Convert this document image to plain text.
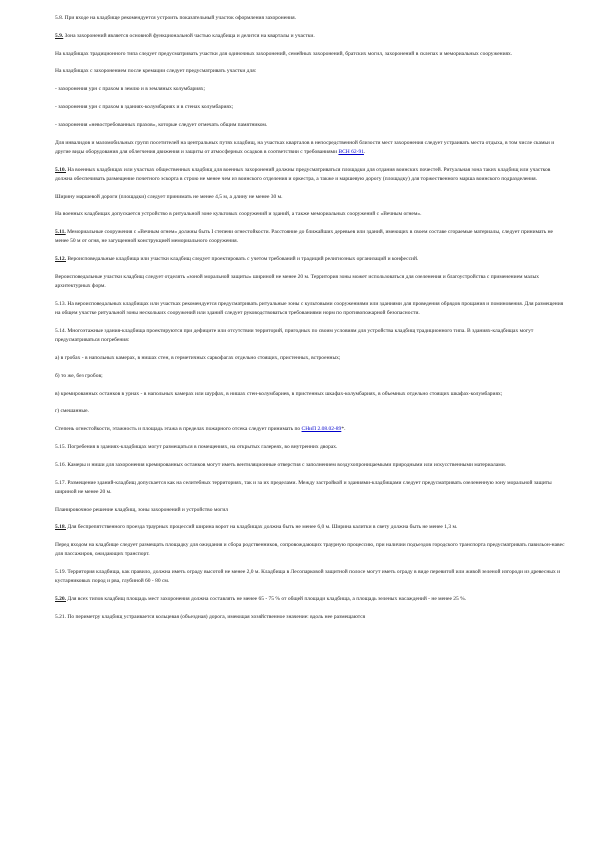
5.8. При входе на кладбище рекомендуется устроить показательный участок оформления захоронения.

5.9. Зона захоронений является основной функциональной частью кладбища и делится на кварталы и участки.

На кладбищах традиционного типа следует предусматривать участки для одиночных захоронений, семейных захоронений, братских могил, захоронений в склепах и мемориальных сооружениях.

На кладбищах с захоронением после кремации следует предусматривать участки для:

- захоронения урн с прахом в землю и в земляных колумбариях;

- захоронения урн с прахом в зданиях-колумбариях и в стенах колумбариях;

- захоронения «невостребованных прахов», которые следует отмечать общим памятником.

Для инвалидов и маломобильных групп посетителей на центральных путях кладбищ, на участках кварталов в непосредственной близости мест захоронения следует устраивать места отдыха, в том числе скамьи и другие виды оборудования для облегчения движения и защиты от атмосферных осадков в соответствии с требованиями ВСН 62-91.

5.10. На военных кладбищах или участках общественных кладбищ для военных захоронений должны предусматриваться площадки для отдания воинских почестей. Ритуальная зона таких кладбищ или участков должна обеспечивать размещение почетного эскорта в строю не менее чем из воинского отделения и оркестра, а также и маршевую дорогу (площадку) для торжественного марша воинского подразделения.

Ширину маршевой дороги (площадки) следует принимать не менее 4,5 м, а длину не менее 30 м.

На военных кладбищах допускается устройство в ритуальной зоне культовых сооружений и зданий, а также мемориальных сооружений с «Вечным огнем».

5.11. Мемориальные сооружения с «Вечным огнем» должны быть I степени огнестойкости. Расстояние до ближайших деревьев или зданий, имеющих в своем составе сгораемые материалы, следует принимать не менее 50 м от огня, не загущенной конструкцией мемориального сооружения.

5.12. Вероисповедальные кладбища или участки кладбищ следует проектировать с учетом требований и традиций религиозных организаций и конфессий.

Вероисповедальные участки кладбищ следует отделять «зоной моральной защиты» шириной не менее 20 м. Территория зоны может использоваться для озеленения и благоустройства с применением малых архитектурных форм.

5.13. На вероисповедальных кладбищах или участках рекомендуется предусматривать ритуальные зоны с культовыми сооружениями или зданиями для проведения обрядов прощания и поминовения. Для размещения на общем участке ритуальной зоны нескольких сооружений или зданий следует руководствоваться требованиями норм по противопожарной безопасности.

5.14. Многоэтажные здания-кладбища проектируются при дефиците или отсутствии территорий, пригодных по своим условиям для устройства кладбищ традиционного типа. В зданиях-кладбищах могут предусматриваться погребения:

а) в гробах - в напольных камерах, в нишах стен, в герметичных саркофагах отдельно стоящих, пристенных, встроенных;

б) то же, без гробов;

в) кремированных останков в урнах - в напольных камерах или шурфах, в нишах стен-колумбариев, в пристенных шкафах-колумбариях, в объемных отдельно стоящих шкафах-колумбариях;

г) смешанные.

Степень огнестойкости, этажность и площадь этажа в пределах пожарного отсека следует принимать по СНиП 2.08.02-89*.

5.15. Погребения в зданиях-кладбищах могут размещаться в помещениях, на открытых галереях, во внутренних дворах.

5.16. Камеры и ниши для захоронения кремированных останков могут иметь вентиляционные отверстия с заполнением воздухопроницаемыми природными или искусственными материалами.

5.17. Размещение зданий-кладбищ допускается как на селитебных территориях, так и за их пределами. Между застройкой и зданиями-кладбищами следует предусматривать озелененную зону моральной защиты шириной не менее 20 м.

Планировочное решение кладбищ, зоны захоронений и устройство могил

5.18. Для беспрепятственного проезда траурных процессий ширина ворот на кладбищах должна быть не менее 6,0 м. Ширина калитки в свету должна быть не менее 1,3 м.

Перед входом на кладбище следует размещать площадку для ожидания и сбора родственников, сопровождающих траурную процессию, при наличии подъездов городского транспорта предусматривать павильон-навес для пассажиров, ожидающих транспорт.

5.19. Территория кладбища, как правило, должна иметь ограду высотой не менее 2,0 м. Кладбища в Лесопарковой защитной полосе могут иметь ограду в виде перевитой или живой зеленой изгороди из древесных и кустарниковых пород и рва, глубиной 60 - 80 см.

5.20. Для всех типов кладбищ площадь мест захоронения должна составлять не менее 65 - 75 % от общей площади кладбища, а площадь зеленых насаждений - не менее 25 %.

5.21. По периметру кладбищ устраивается кольцевая (объездная) дорога, имеющая хозяйственное значение: вдоль нее размещаются
